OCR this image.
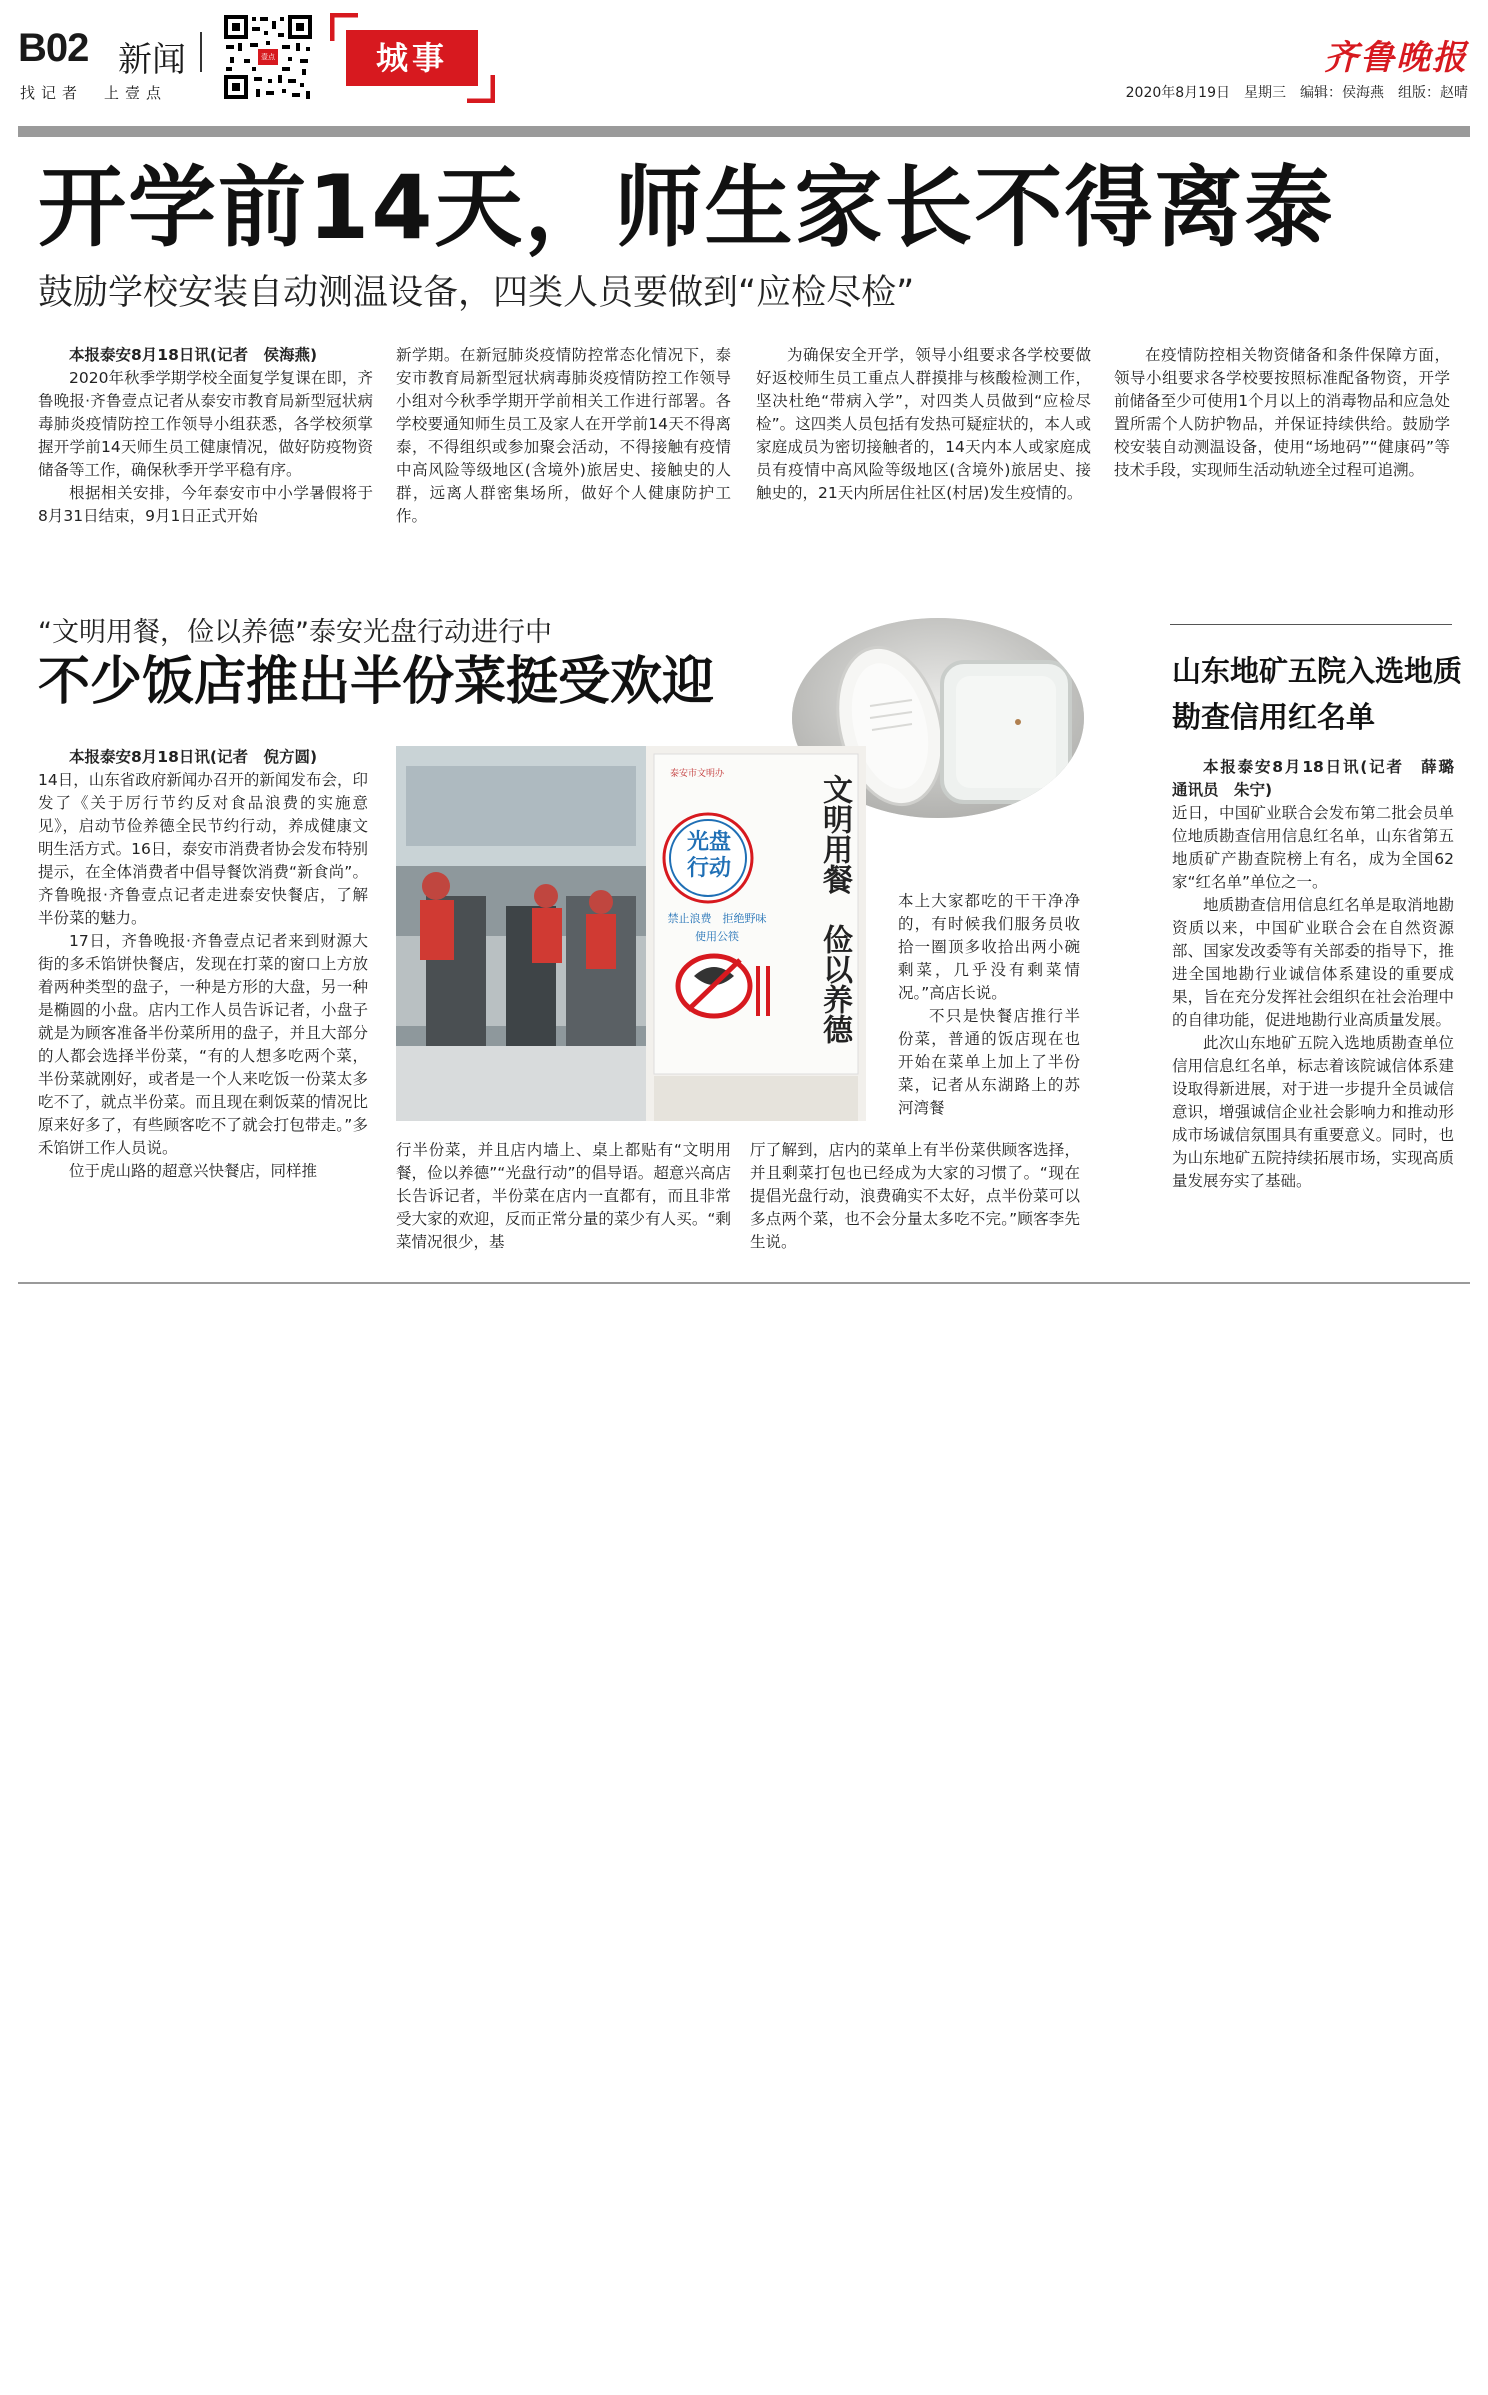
B02 新闻
找记者　上壹点
壹点	城事	齐鲁晚报
2020年8月19日　星期三　编辑：侯海燕　组版：赵晴
开学前14天，师生家长不得离泰
鼓励学校安装自动测温设备，四类人员要做到“应检尽检”

本报泰安8月18日讯(记者　侯海燕)

2020年秋季学期学校全面复学复课在即，齐鲁晚报·齐鲁壹点记者从泰安市教育局新型冠状病毒肺炎疫情防控工作领导小组获悉，各学校须掌握开学前14天师生员工健康情况，做好防疫物资储备等工作，确保秋季开学平稳有序。

根据相关安排，今年泰安市中小学暑假将于8月31日结束，9月1日正式开始

新学期。在新冠肺炎疫情防控常态化情况下，泰安市教育局新型冠状病毒肺炎疫情防控工作领导小组对今秋季学期开学前相关工作进行部署。各学校要通知师生员工及家人在开学前14天不得离泰，不得组织或参加聚会活动，不得接触有疫情中高风险等级地区(含境外)旅居史、接触史的人群，远离人群密集场所，做好个人健康防护工作。

为确保安全开学，领导小组要求各学校要做好返校师生员工重点人群摸排与核酸检测工作，坚决杜绝“带病入学”，对四类人员做到“应检尽检”。这四类人员包括有发热可疑症状的，本人或家庭成员为密切接触者的，14天内本人或家庭成员有疫情中高风险等级地区(含境外)旅居史、接触史的，21天内所居住社区(村居)发生疫情的。

在疫情防控相关物资储备和条件保障方面，领导小组要求各学校要按照标准配备物资，开学前储备至少可使用1个月以上的消毒物品和应急处置所需个人防护物品，并保证持续供给。鼓励学校安装自动测温设备，使用“场地码”“健康码”等技术手段，实现师生活动轨迹全过程可追溯。

“文明用餐，俭以养德”泰安光盘行动进行中
不少饭店推出半份菜挺受欢迎

本报泰安8月18日讯(记者　倪方圆)

14日，山东省政府新闻办召开的新闻发布会，印发了《关于厉行节约反对食品浪费的实施意见》，启动节俭养德全民节约行动，养成健康文明生活方式。16日，泰安市消费者协会发布特别提示，在全体消费者中倡导餐饮消费“新食尚”。齐鲁晚报·齐鲁壹点记者走进泰安快餐店，了解半份菜的魅力。

17日，齐鲁晚报·齐鲁壹点记者来到财源大街的多禾馅饼快餐店，发现在打菜的窗口上方放着两种类型的盘子，一种是方形的大盘，另一种是椭圆的小盘。店内工作人员告诉记者，小盘子就是为顾客准备半份菜所用的盘子，并且大部分的人都会选择半份菜，“有的人想多吃两个菜，半份菜就刚好，或者是一个人来吃饭一份菜太多吃不了，就点半份菜。而且现在剩饭菜的情况比原来好多了，有些顾客吃不了就会打包带走。”多禾馅饼工作人员说。

位于虎山路的超意兴快餐店，同样推

泰安市文明办
光盘
行动
禁止浪费　拒绝野味
使用公筷	文明用餐　俭以养德	本上大家都吃的干干净净的，有时候我们服务员收拾一圈顶多收拾出两小碗剩菜，几乎没有剩菜情况。”高店长说。

不只是快餐店推行半份菜，普通的饭店现在也开始在菜单上加上了半份菜，记者从东湖路上的苏河湾餐

行半份菜，并且店内墙上、桌上都贴有“文明用餐，俭以养德”“光盘行动”的倡导语。超意兴高店长告诉记者，半份菜在店内一直都有，而且非常受大家的欢迎，反而正常分量的菜少有人买。“剩菜情况很少，基

厅了解到，店内的菜单上有半份菜供顾客选择，并且剩菜打包也已经成为大家的习惯了。“现在提倡光盘行动，浪费确实不太好，点半份菜可以多点两个菜，也不会分量太多吃不完。”顾客李先生说。

山东地矿五院入选地质勘查信用红名单

本报泰安8月18日讯(记者　薛璐　通讯员　朱宁)

近日，中国矿业联合会发布第二批会员单位地质勘查信用信息红名单，山东省第五地质矿产勘查院榜上有名，成为全国62家“红名单”单位之一。

地质勘查信用信息红名单是取消地勘资质以来，中国矿业联合会在自然资源部、国家发改委等有关部委的指导下，推进全国地勘行业诚信体系建设的重要成果，旨在充分发挥社会组织在社会治理中的自律功能，促进地勘行业高质量发展。

此次山东地矿五院入选地质勘查单位信用信息红名单，标志着该院诚信体系建设取得新进展，对于进一步提升全员诚信意识，增强诚信企业社会影响力和推动形成市场诚信氛围具有重要意义。同时，也为山东地矿五院持续拓展市场，实现高质量发展夯实了基础。
